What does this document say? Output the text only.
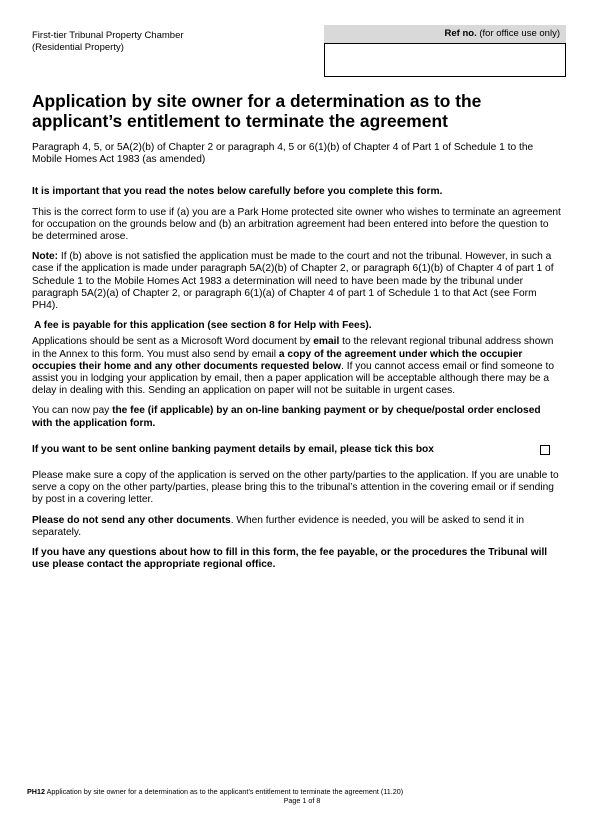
First-tier Tribunal Property Chamber
(Residential Property)
Ref no. (for office use only)
Application by site owner for a determination as to the applicant’s entitlement to terminate the agreement

Paragraph 4, 5, or 5A(2)(b) of Chapter 2 or paragraph 4, 5 or 6(1)(b) of Chapter 4 of Part 1 of Schedule 1 to the Mobile Homes Act 1983 (as amended)

It is important that you read the notes below carefully before you complete this form.

This is the correct form to use if (a) you are a Park Home protected site owner who wishes to terminate an agreement for occupation on the grounds below and (b) an arbitration agreement had been entered into before the question to be determined arose.

Note: If (b) above is not satisfied the application must be made to the court and not the tribunal. However, in such a case if the application is made under paragraph 5A(2)(b) of Chapter 2, or paragraph 6(1)(b) of Chapter 4 of part 1 of Schedule 1 to the Mobile Homes Act 1983 a determination will need to have been made by the tribunal under paragraph 5A(2)(a) of Chapter 2, or paragraph 6(1)(a) of Chapter 4 of part 1 of Schedule 1 to that Act (see Form PH4).

A fee is payable for this application (see section 8 for Help with Fees).

Applications should be sent as a Microsoft Word document by email to the relevant regional tribunal address shown in the Annex to this form. You must also send by email a copy of the agreement under which the occupier occupies their home and any other documents requested below. If you cannot access email or find someone to assist you in lodging your application by email, then a paper application will be acceptable although there may be a delay in dealing with this. Sending an application on paper will not be suitable in urgent cases.

You can now pay the fee (if applicable) by an on-line banking payment or by cheque/postal order enclosed with the application form.

If you want to be sent online banking payment details by email, please tick this box

Please make sure a copy of the application is served on the other party/parties to the application. If you are unable to serve a copy on the other party/parties, please bring this to the tribunal’s attention in the covering email or if sending by post in a covering letter.

Please do not send any other documents. When further evidence is needed, you will be asked to send it in separately.

If you have any questions about how to fill in this form, the fee payable, or the procedures the Tribunal will use please contact the appropriate regional office.

PH12 Application by site owner for a determination as to the applicant’s entitlement to terminate the agreement (11.20)
Page 1 of 8
